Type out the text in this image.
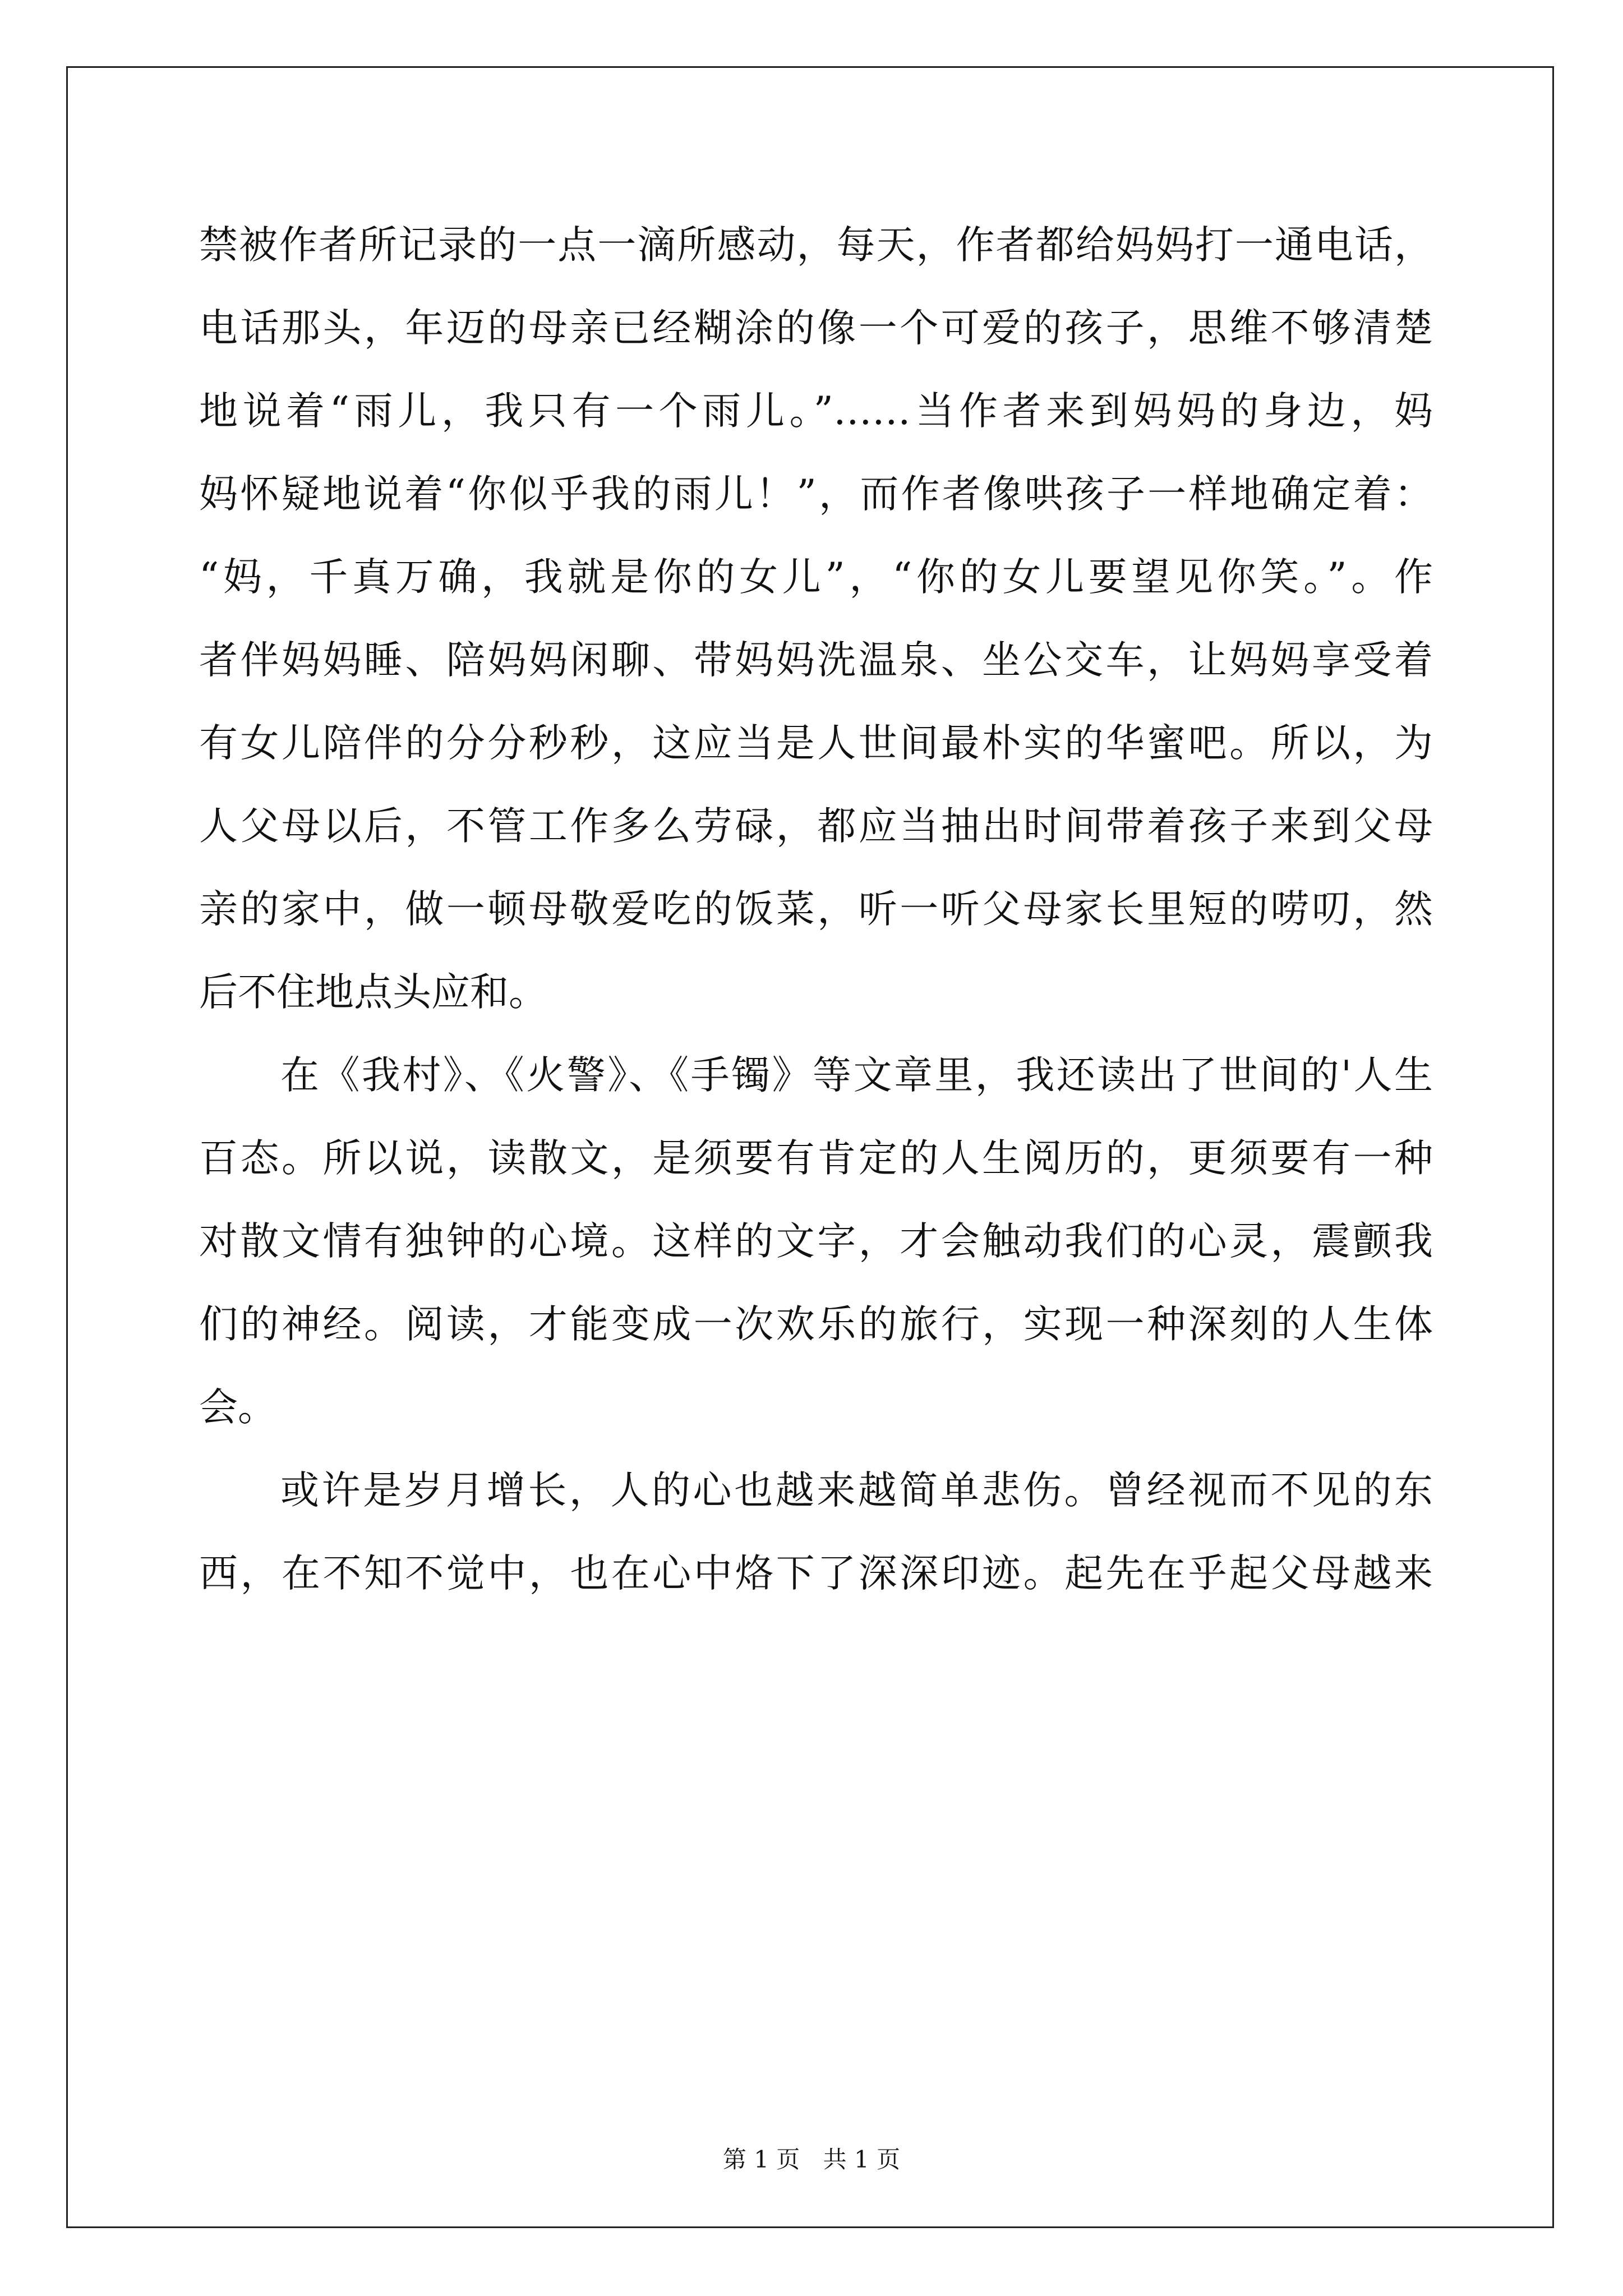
禁被作者所记录的一点一滴所感动，每天，作者都给妈妈打一通电话，
电话那头，年迈的母亲已经糊涂的像一个可爱的孩子，思维不够清楚
地说着“雨儿，我只有一个雨儿。”……当作者来到妈妈的身边，妈
妈怀疑地说着“你似乎我的雨儿！”，而作者像哄孩子一样地确定着：
“妈，千真万确，我就是你的女儿”，“你的女儿要望见你笑。”。作
者伴妈妈睡、陪妈妈闲聊、带妈妈洗温泉、坐公交车，让妈妈享受着
有女儿陪伴的分分秒秒，这应当是人世间最朴实的华蜜吧。所以，为
人父母以后，不管工作多么劳碌，都应当抽出时间带着孩子来到父母
亲的家中，做一顿母敬爱吃的饭菜，听一听父母家长里短的唠叨，然
后不住地点头应和。
在《我村》、《火警》、《手镯》等文章里，我还读出了世间的'人生
百态。所以说，读散文，是须要有肯定的人生阅历的，更须要有一种
对散文情有独钟的心境。这样的文字，才会触动我们的心灵，震颤我
们的神经。阅读，才能变成一次欢乐的旅行，实现一种深刻的人生体
会。
或许是岁月增长，人的心也越来越简单悲伤。曾经视而不见的东
西，在不知不觉中，也在心中烙下了深深印迹。起先在乎起父母越来
第 1 页 共 1 页
